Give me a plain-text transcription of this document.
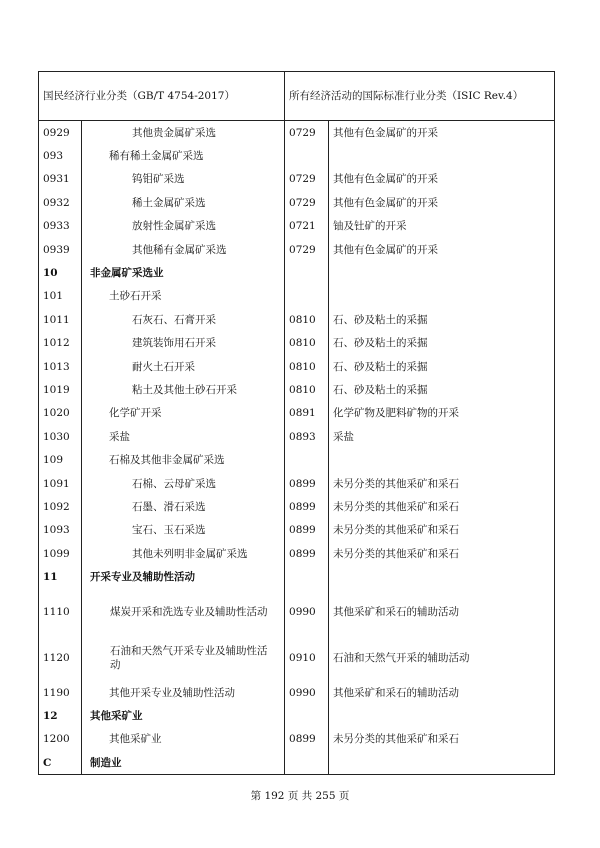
国民经济行业分类（GB/T 4754-2017）		所有经济活动的国际标准行业分类（ISIC Rev.4）	
0929	其他贵金属矿采选	0729	其他有色金属矿的开采
093	稀有稀土金属矿采选		
0931	钨钼矿采选	0729	其他有色金属矿的开采
0932	稀土金属矿采选	0729	其他有色金属矿的开采
0933	放射性金属矿采选	0721	铀及钍矿的开采
0939	其他稀有金属矿采选	0729	其他有色金属矿的开采
10	非金属矿采选业		
101	土砂石开采		
1011	石灰石、石膏开采	0810	石、砂及粘土的采掘
1012	建筑装饰用石开采	0810	石、砂及粘土的采掘
1013	耐火土石开采	0810	石、砂及粘土的采掘
1019	粘土及其他土砂石开采	0810	石、砂及粘土的采掘
1020	化学矿开采	0891	化学矿物及肥料矿物的开采
1030	采盐	0893	采盐
109	石棉及其他非金属矿采选		
1091	石棉、云母矿采选	0899	未另分类的其他采矿和采石
1092	石墨、滑石采选	0899	未另分类的其他采矿和采石
1093	宝石、玉石采选	0899	未另分类的其他采矿和采石
1099	其他未列明非金属矿采选	0899	未另分类的其他采矿和采石
11	开采专业及辅助性活动		
1110	煤炭开采和洗选专业及辅助性活动	0990	其他采矿和采石的辅助活动
1120	石油和天然气开采专业及辅助性活动	0910	石油和天然气开采的辅助活动
1190	其他开采专业及辅助性活动	0990	其他采矿和采石的辅助活动
12	其他采矿业		
1200	其他采矿业	0899	未另分类的其他采矿和采石
C	制造业		
第 192 页 共 255 页
